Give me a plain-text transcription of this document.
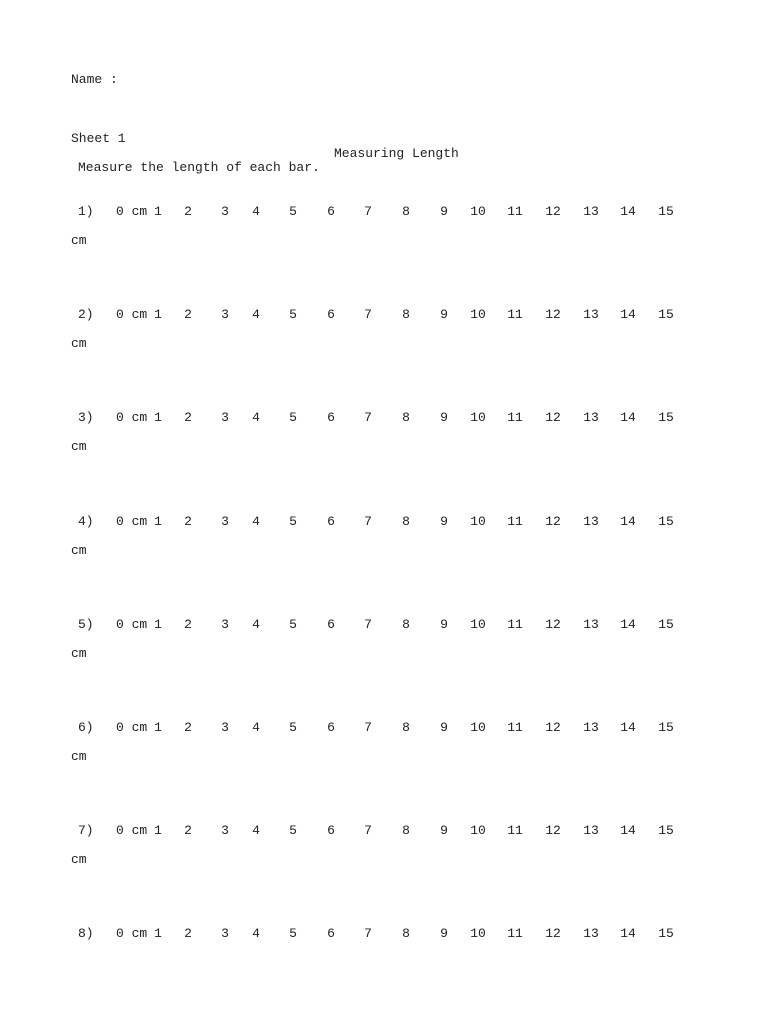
Name :
Sheet 1
Measuring Length
Measure the length of each bar.
1) 0 cm 1	2	3	4	5	6	7	8	9	10	11	12	13	14	15
cm
2) 0 cm 1	2	3	4	5	6	7	8	9	10	11	12	13	14	15
cm
3) 0 cm 1	2	3	4	5	6	7	8	9	10	11	12	13	14	15
cm
4) 0 cm 1	2	3	4	5	6	7	8	9	10	11	12	13	14	15
cm
5) 0 cm 1	2	3	4	5	6	7	8	9	10	11	12	13	14	15
cm
6) 0 cm 1	2	3	4	5	6	7	8	9	10	11	12	13	14	15
cm
7) 0 cm 1	2	3	4	5	6	7	8	9	10	11	12	13	14	15
cm
8) 0 cm 1	2	3	4	5	6	7	8	9	10	11	12	13	14	15
